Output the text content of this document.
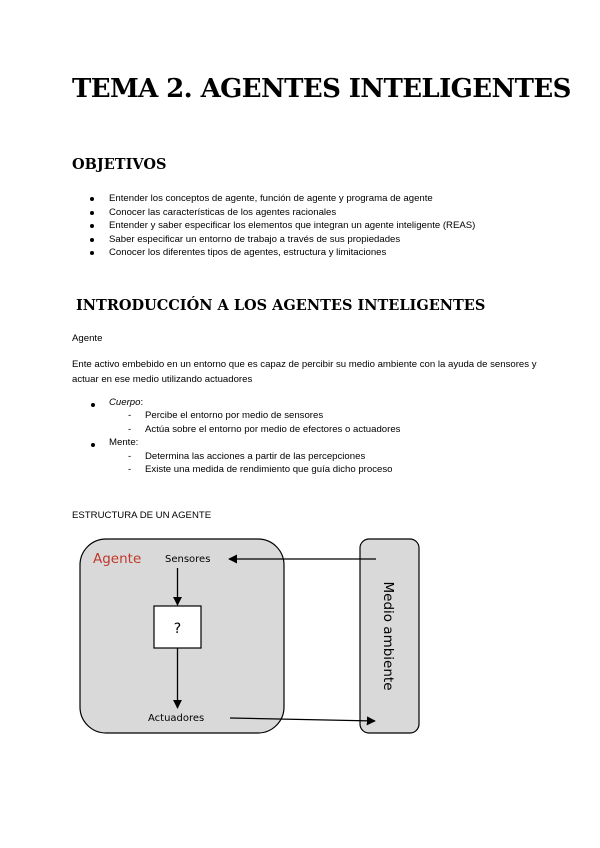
TEMA 2. AGENTES INTELIGENTES
OBJETIVOS
Entender los conceptos de agente, función de agente y programa de agente
Conocer las características de los agentes racionales
Entender y saber especificar los elementos que integran un agente inteligente (REAS)
Saber especificar un entorno de trabajo a través de sus propiedades
Conocer los diferentes tipos de agentes, estructura y limitaciones
INTRODUCCIÓN A LOS AGENTES INTELIGENTES
Agente

Ente activo embebido en un entorno que es capaz de percibir su medio ambiente con la ayuda de sensores y actuar en ese medio utilizando actuadores

Cuerpo:
- Percibe el entorno por medio de sensores
- Actúa sobre el entorno por medio de efectores o actuadores
Mente:
- Determina las acciones a partir de las percepciones
- Existe una medida de rendimiento que guía dicho proceso
ESTRUCTURA DE UN AGENTE
Agente Sensores
?
Actuadores
Medio ambiente
